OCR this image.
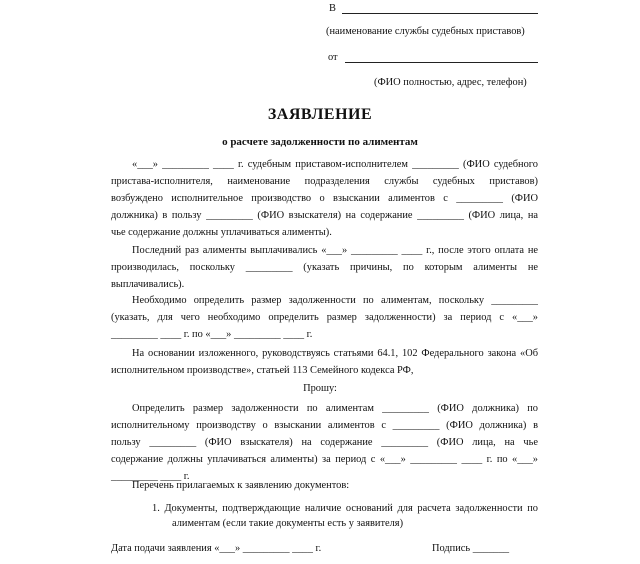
В
(наименование службы судебных приставов)
от
(ФИО полностью, адрес, телефон)
ЗАЯВЛЕНИЕ
о расчете задолженности по алиментам
«___» _________ ____ г. судебным приставом-исполнителем _________ (ФИО судебного
пристава-исполнителя, наименование подразделения службы судебных приставов)
возбуждено исполнительное производство о взыскании алиментов с _________ (ФИО
должника) в пользу _________ (ФИО взыскателя) на содержание _________ (ФИО лица, на
чье содержание должны уплачиваться алименты).
Последний раз алименты выплачивались «___» _________ ____ г., после этого оплата не
производилась, поскольку _________ (указать причины, по которым алименты не
выплачивались).
Необходимо определить размер задолженности по алиментам, поскольку _________
(указать, для чего необходимо определить размер задолженности) за период с «___»
_________ ____ г. по «___» _________ ____ г.
На основании изложенного, руководствуясь статьями 64.1, 102 Федерального закона «Об
исполнительном производстве», статьей 113 Семейного кодекса РФ,
Прошу:
Определить размер задолженности по алиментам _________ (ФИО должника) по
исполнительному производству о взыскании алиментов с _________ (ФИО должника) в
пользу _________ (ФИО взыскателя) на содержание _________ (ФИО лица, на чье
содержание должны уплачиваться алименты) за период с «___» _________ ____ г. по «___»
_________ ____ г.
Перечень прилагаемых к заявлению документов:
1. Документы, подтверждающие наличие оснований для расчета задолженности по
алиментам (если такие документы есть у заявителя)
Дата подачи заявления «___» _________ ____ г.	Подпись _______
